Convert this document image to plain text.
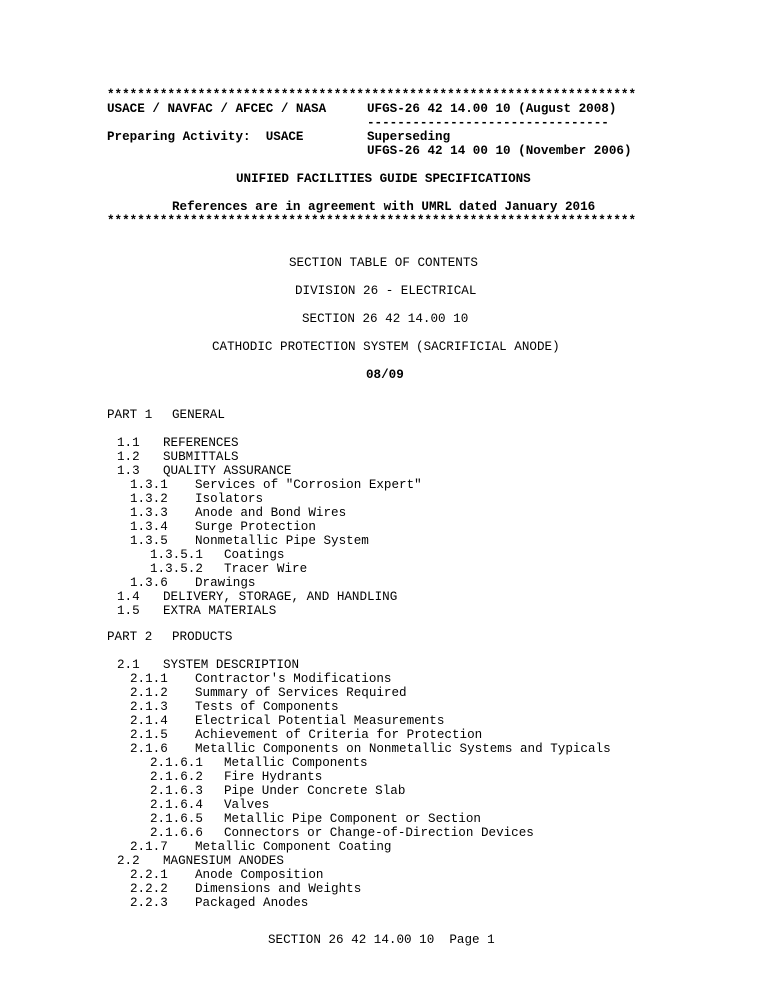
**********************************************************************
USACE / NAVFAC / AFCEC / NASA	UFGS-26 42 14.00 10 (August 2008)
--------------------------------
Preparing Activity:  USACE	Superseding
UFGS-26 42 14 00 10 (November 2006)
UNIFIED FACILITIES GUIDE SPECIFICATIONS
References are in agreement with UMRL dated January 2016
**********************************************************************
SECTION TABLE OF CONTENTS
DIVISION 26 - ELECTRICAL
SECTION 26 42 14.00 10
CATHODIC PROTECTION SYSTEM (SACRIFICIAL ANODE)
08/09
PART 1 GENERAL
1.1 REFERENCES
1.2 SUBMITTALS
1.3 QUALITY ASSURANCE
1.3.1 Services of "Corrosion Expert"
1.3.2 Isolators
1.3.3 Anode and Bond Wires
1.3.4 Surge Protection
1.3.5 Nonmetallic Pipe System
1.3.5.1 Coatings
1.3.5.2 Tracer Wire
1.3.6 Drawings
1.4 DELIVERY, STORAGE, AND HANDLING
1.5 EXTRA MATERIALS
PART 2 PRODUCTS
2.1 SYSTEM DESCRIPTION
2.1.1 Contractor's Modifications
2.1.2 Summary of Services Required
2.1.3 Tests of Components
2.1.4 Electrical Potential Measurements
2.1.5 Achievement of Criteria for Protection
2.1.6 Metallic Components on Nonmetallic Systems and Typicals
2.1.6.1 Metallic Components
2.1.6.2 Fire Hydrants
2.1.6.3 Pipe Under Concrete Slab
2.1.6.4 Valves
2.1.6.5 Metallic Pipe Component or Section
2.1.6.6 Connectors or Change-of-Direction Devices
2.1.7 Metallic Component Coating
2.2 MAGNESIUM ANODES
2.2.1 Anode Composition
2.2.2 Dimensions and Weights
2.2.3 Packaged Anodes
SECTION 26 42 14.00 10  Page 1
